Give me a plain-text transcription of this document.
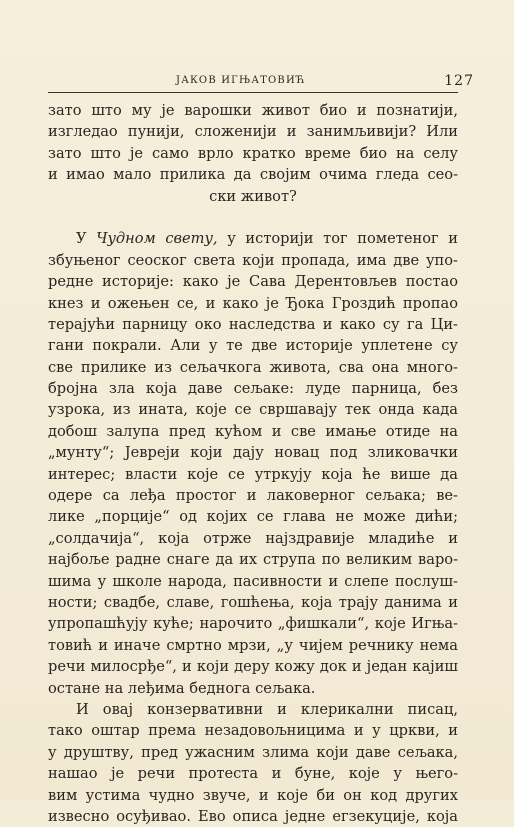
ЈАКОВ ИГЊАТОВИЋ	127
зато што му је варошки живот био и познатији,
изгледао пунији, сложенији и занимљивији? Или
зато што је само врло кратко време био на селу
и имао мало прилика да својим очима гледа сео-
ски живот?
У Чудном свету, у историји тог пометеног и
збуњеног сеоског света који пропада, има две упо-
редне историје: како је Сава Дерентовљев постао
кнез и ожењен се, и како је Ђока Гроздић пропао
терајући парницу око наследства и како су га Ци-
гани покрали. Али у те две историје уплетене су
све прилике из сељачкога живота, сва она много-
бројна зла која даве сељаке: луде парница, без
узрока, из ината, које се свршавају тек онда када
добош залупа пред кућом и све имање отиде на
„мунту“; Јевреји који дају новац под зликовачки
интерес; власти које се утркују која ће више да
одере са леђа простог и лаковерног сељака; ве-
лике „порције“ од којих се глава не може дићи;
„солдачија“, која отрже најздравије младиће и
најбоље радне снаге да их струпа по великим варо-
шима у школе народа, пасивности и слепе послуш-
ности; свадбе, славе, гошћења, која трају данима и
упропашћују куће; нарочито „фишкали“, које Игња-
товић и иначе смртно мрзи, „у чијем речнику нема
речи милосрђе“, и који деру кожу док и један кајиш
остане на леђима беднога сељака.
И овај конзервативни и клерикални писац,
тако оштар према незадовољницима и у цркви, и
у друштву, пред ужасним злима који даве сељака,
нашао је речи протеста и буне, које у њего-
вим устима чудно звуче, и које би он код других
извесно осуђивао. Ево описа једне егзекуције, која
